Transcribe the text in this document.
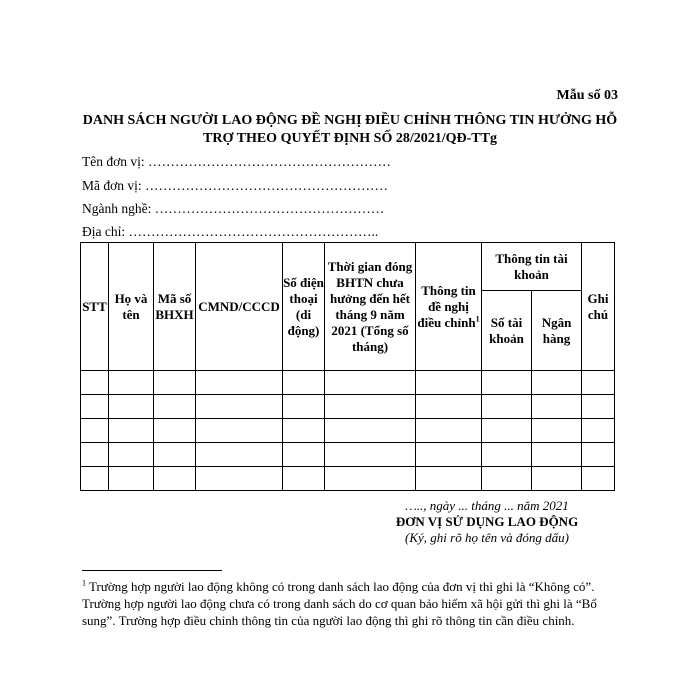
Mẫu số 03
DANH SÁCH NGƯỜI LAO ĐỘNG ĐỀ NGHỊ ĐIỀU CHỈNH THÔNG TIN HƯỞNG HỖ TRỢ THEO QUYẾT ĐỊNH SỐ 28/2021/QĐ-TTg
Tên đơn vị: ………………………………………………
Mã đơn vị: ………………………………………………
Ngành nghề: ……………………………………………
Địa chỉ: ………………………………………………..
STT	Họ và tên	Mã số BHXH	CMND/CCCD	Số điện thoại (di động)	Thời gian đóng BHTN chưa hưởng đến hết tháng 9 năm 2021 (Tổng số tháng)	Thông tin đề nghị điều chỉnh$^1$	Thông tin tài khoản		Ghi chú
							Số tài khoản	Ngân hàng	

….., ngày ... tháng ... năm 2021
ĐƠN VỊ SỬ DỤNG LAO ĐỘNG
(Ký, ghi rõ họ tên và đóng dấu)
$^1$ Trường hợp người lao động không có trong danh sách lao động của đơn vị thì ghi là “Không có”. Trường hợp người lao động chưa có trong danh sách do cơ quan bảo hiểm xã hội gửi thì ghi là “Bổ sung”. Trường hợp điều chỉnh thông tin của người lao động thì ghi rõ thông tin cần điều chỉnh.
